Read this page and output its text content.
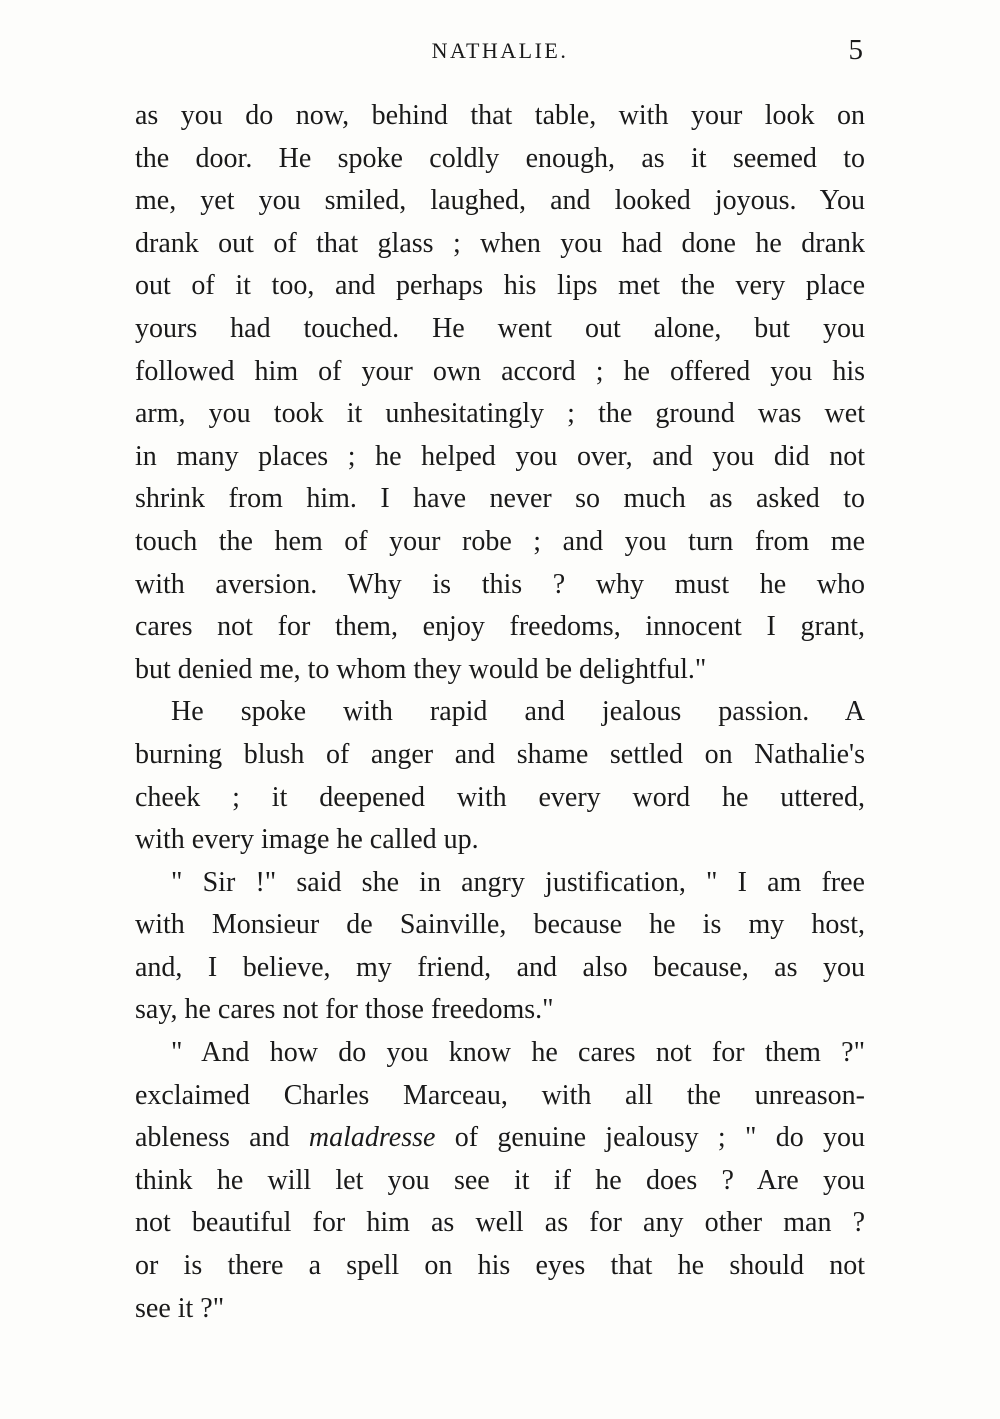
NATHALIE.	5

as you do now, behind that table, with your look on
the door. He spoke coldly enough, as it seemed to
me, yet you smiled, laughed, and looked joyous. You
drank out of that glass ; when you had done he drank
out of it too, and perhaps his lips met the very place
yours had touched. He went out alone, but you
followed him of your own accord ; he offered you his
arm, you took it unhesitatingly ; the ground was wet
in many places ; he helped you over, and you did not
shrink from him. I have never so much as asked to
touch the hem of your robe ; and you turn from me
with aversion. Why is this ? why must he who
cares not for them, enjoy freedoms, innocent I grant,
but denied me, to whom they would be delightful."

He spoke with rapid and jealous passion. A
burning blush of anger and shame settled on Nathalie's
cheek ; it deepened with every word he uttered,
with every image he called up.

" Sir !" said she in angry justification, " I am free
with Monsieur de Sainville, because he is my host,
and, I believe, my friend, and also because, as you
say, he cares not for those freedoms."

" And how do you know he cares not for them ?"
exclaimed Charles Marceau, with all the unreason-
ableness and maladresse of genuine jealousy ; " do you
think he will let you see it if he does ? Are you
not beautiful for him as well as for any other man ?
or is there a spell on his eyes that he should not
see it ?"
